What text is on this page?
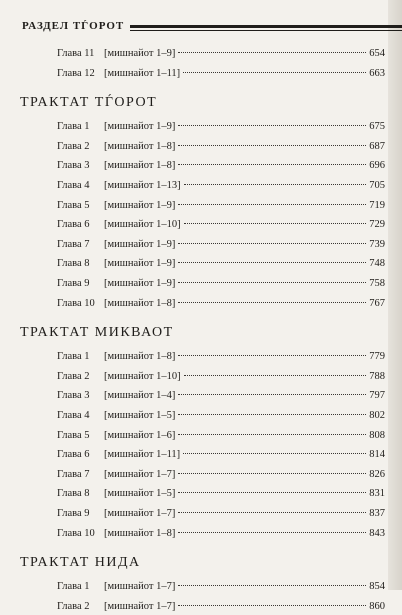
РАЗДЕЛ ТЃОРОТ
Глава 11 [мишнайот 1–9]	654
Глава 12 [мишнайот 1–11]	663
ТРАКТАТ ТЃОРОТ
Глава 1	[мишнайот 1–9]	675
Глава 2	[мишнайот 1–8]	687
Глава 3	[мишнайот 1–8]	696
Глава 4	[мишнайот 1–13]	705
Глава 5	[мишнайот 1–9]	719
Глава 6	[мишнайот 1–10]	729
Глава 7	[мишнайот 1–9]	739
Глава 8	[мишнайот 1–9]	748
Глава 9	[мишнайот 1–9]	758
Глава 10 [мишнайот 1–8]	767
ТРАКТАТ МИКВАОТ
Глава 1	[мишнайот 1–8]	779
Глава 2	[мишнайот 1–10]	788
Глава 3	[мишнайот 1–4]	797
Глава 4	[мишнайот 1–5]	802
Глава 5	[мишнайот 1–6]	808
Глава 6	[мишнайот 1–11]	814
Глава 7	[мишнайот 1–7]	826
Глава 8	[мишнайот 1–5]	831
Глава 9	[мишнайот 1–7]	837
Глава 10 [мишнайот 1–8]	843
ТРАКТАТ НИДА
Глава 1	[мишнайот 1–7]	854
Глава 2	[мишнайот 1–7]	860
